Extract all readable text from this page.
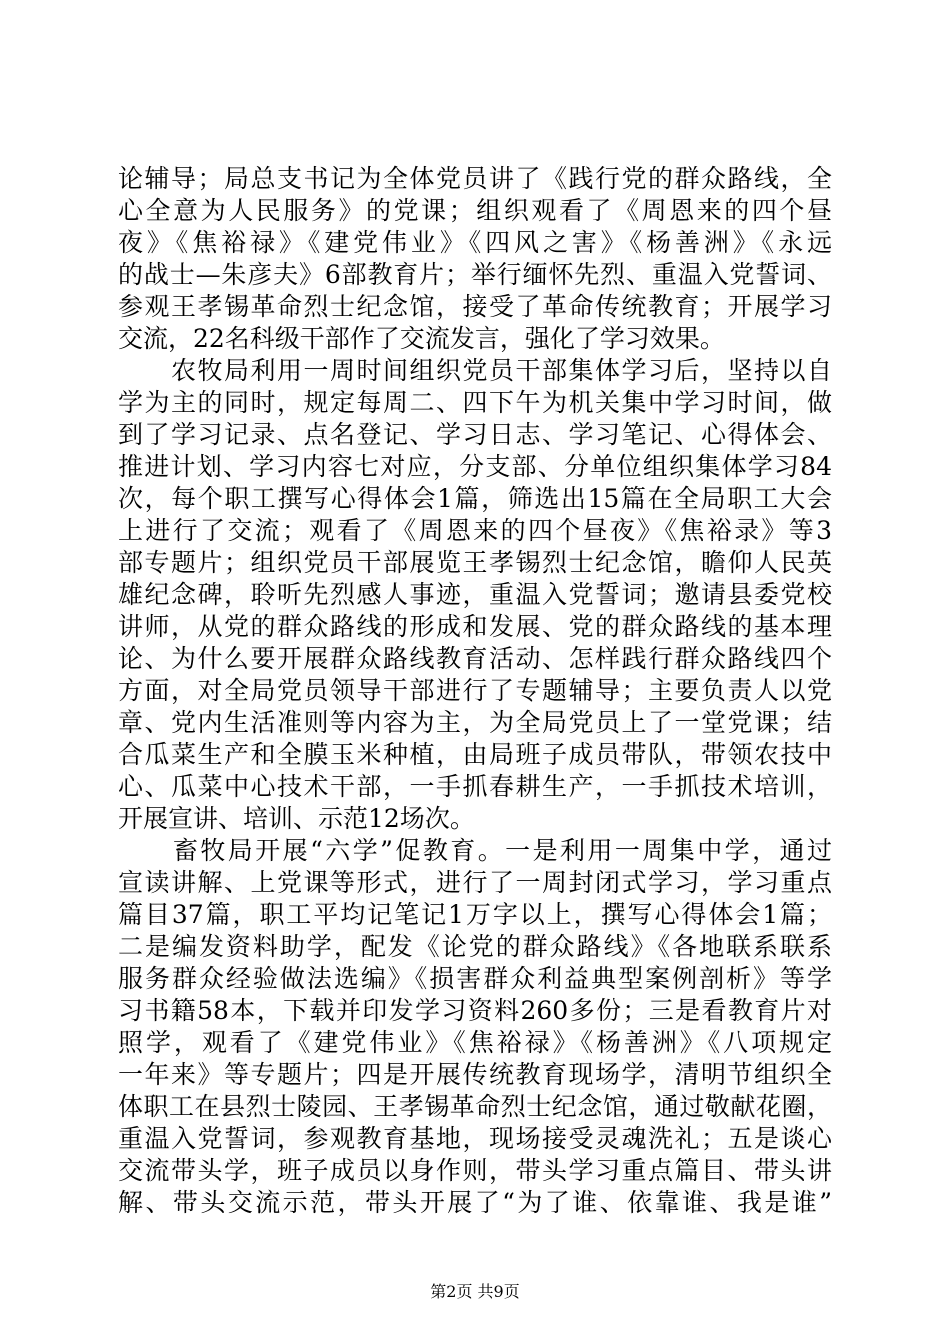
论辅导；局总支书记为全体党员讲了《践行党的群众路线，全
心全意为人民服务》的党课；组织观看了《周恩来的四个昼
夜》《焦裕禄》《建党伟业》《四风之害》《杨善洲》《永远
的战士—朱彦夫》6部教育片；举行缅怀先烈、重温入党誓词、
参观王孝锡革命烈士纪念馆，接受了革命传统教育；开展学习
交流，22名科级干部作了交流发言，强化了学习效果。
　　农牧局利用一周时间组织党员干部集体学习后，坚持以自
学为主的同时，规定每周二、四下午为机关集中学习时间，做
到了学习记录、点名登记、学习日志、学习笔记、心得体会、
推进计划、学习内容七对应，分支部、分单位组织集体学习84
次，每个职工撰写心得体会1篇，筛选出15篇在全局职工大会
上进行了交流；观看了《周恩来的四个昼夜》《焦裕录》等3
部专题片；组织党员干部展览王孝锡烈士纪念馆，瞻仰人民英
雄纪念碑，聆听先烈感人事迹，重温入党誓词；邀请县委党校
讲师，从党的群众路线的形成和发展、党的群众路线的基本理
论、为什么要开展群众路线教育活动、怎样践行群众路线四个
方面，对全局党员领导干部进行了专题辅导；主要负责人以党
章、党内生活准则等内容为主，为全局党员上了一堂党课；结
合瓜菜生产和全膜玉米种植，由局班子成员带队，带领农技中
心、瓜菜中心技术干部，一手抓春耕生产，一手抓技术培训，
开展宣讲、培训、示范12场次。
　　畜牧局开展“六学”促教育。一是利用一周集中学，通过
宣读讲解、上党课等形式，进行了一周封闭式学习，学习重点
篇目37篇，职工平均记笔记1万字以上，撰写心得体会1篇；
二是编发资料助学，配发《论党的群众路线》《各地联系联系
服务群众经验做法选编》《损害群众利益典型案例剖析》等学
习书籍58本，下载并印发学习资料260多份；三是看教育片对
照学，观看了《建党伟业》《焦裕禄》《杨善洲》《八项规定
一年来》等专题片；四是开展传统教育现场学，清明节组织全
体职工在县烈士陵园、王孝锡革命烈士纪念馆，通过敬献花圈，
重温入党誓词，参观教育基地，现场接受灵魂洗礼；五是谈心
交流带头学，班子成员以身作则，带头学习重点篇目、带头讲
解、带头交流示范，带头开展了“为了谁、依靠谁、我是谁”
第2页 共9页
